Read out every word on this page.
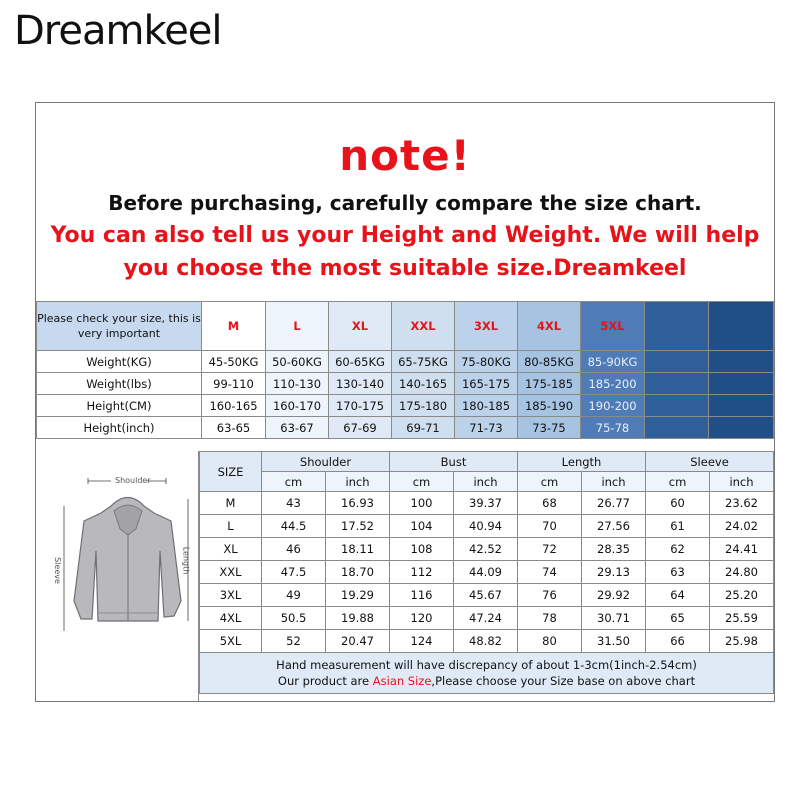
Dreamkeel
note!
Before purchasing, carefully compare the size chart.
You can also tell us your Height and Weight. We will help
you choose the most suitable size.Dreamkeel
Please check your size, this is very important	M	L	XL	XXL	3XL	4XL	5XL		
Weight(KG)	45-50KG	50-60KG	60-65KG	65-75KG	75-80KG	80-85KG	85-90KG		
Weight(lbs)	99-110	110-130	130-140	140-165	165-175	175-185	185-200		
Height(CM)	160-165	160-170	170-175	175-180	180-185	185-190	190-200		
Height(inch)	63-65	63-67	67-69	69-71	71-73	73-75	75-78		
Shoulder
Sleeve	Length
SIZE	Shoulder		Bust		Length		Sleeve	
	cm	inch	cm	inch	cm	inch	cm	inch
M	43	16.93	100	39.37	68	26.77	60	23.62
L	44.5	17.52	104	40.94	70	27.56	61	24.02
XL	46	18.11	108	42.52	72	28.35	62	24.41
XXL	47.5	18.70	112	44.09	74	29.13	63	24.80
3XL	49	19.29	116	45.67	76	29.92	64	25.20
4XL	50.5	19.88	120	47.24	78	30.71	65	25.59
5XL	52	20.47	124	48.82	80	31.50	66	25.98

Hand measurement will have discrepancy of about 1-3cm(1inch-2.54cm)
Our product are Asian Size,Please choose your Size base on above chart								
